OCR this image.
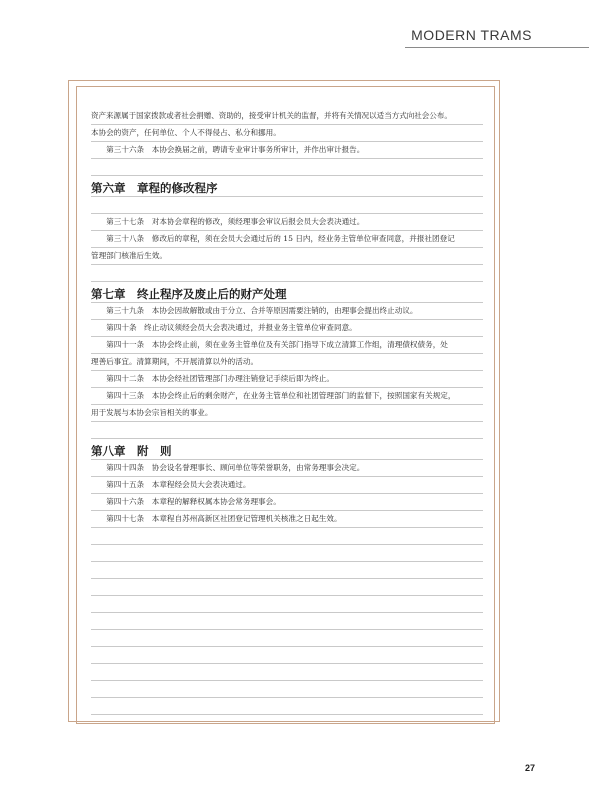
MODERN TRAMS
资产来源属于国家拨款或者社会捐赠、资助的，接受审计机关的监督，并将有关情况以适当方式向社会公布。
本协会的资产，任何单位、个人不得侵占、私分和挪用。
　　第三十六条　本协会换届之前，聘请专业审计事务所审计，并作出审计报告。
第六章　章程的修改程序
　　第三十七条　对本协会章程的修改，须经理事会审议后报会员大会表决通过。
　　第三十八条　修改后的章程，须在会员大会通过后的 15 日内，经业务主管单位审查同意，并报社团登记
管理部门核准后生效。
第七章　终止程序及废止后的财产处理
　　第三十九条　本协会因故解散或由于分立、合并等原因需要注销的，由理事会提出终止动议。
　　第四十条　终止动议须经会员大会表决通过，并报业务主管单位审查同意。
　　第四十一条　本协会终止前，须在业务主管单位及有关部门指导下成立清算工作组，清理债权债务，处
理善后事宜。清算期间，不开展清算以外的活动。
　　第四十二条　本协会经社团管理部门办理注销登记手续后即为终止。
　　第四十三条　本协会终止后的剩余财产，在业务主管单位和社团管理部门的监督下，按照国家有关规定，
用于发展与本协会宗旨相关的事业。
第八章　附　则
　　第四十四条　协会设名誉理事长、顾问单位等荣誉职务，由常务理事会决定。
　　第四十五条　本章程经会员大会表决通过。
　　第四十六条　本章程的解释权属本协会常务理事会。
　　第四十七条　本章程自苏州高新区社团登记管理机关核准之日起生效。
27
